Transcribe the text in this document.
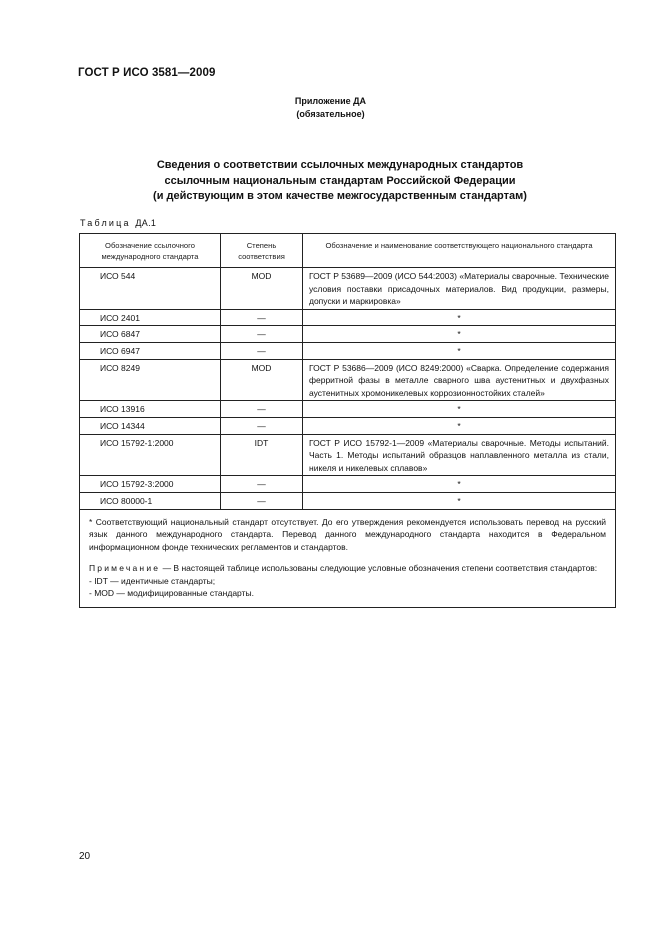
ГОСТ Р ИСО 3581—2009
Приложение ДА
(обязательное)
Сведения о соответствии ссылочных международных стандартов
ссылочным национальным стандартам Российской Федерации
(и действующим в этом качестве межгосударственным стандартам)
Таблица ДА.1
Обозначение ссылочного международного стандарта	Степень соответствия	Обозначение и наименование соответствующего национального стандарта
ИСО 544	MOD	ГОСТ Р 53689—2009 (ИСО 544:2003) «Материалы сварочные. Технические условия поставки присадочных материалов. Вид продукции, размеры, допуски и маркировка»
ИСО 2401	—	*
ИСО 6847	—	*
ИСО 6947	—	*
ИСО 8249	MOD	ГОСТ Р 53686—2009 (ИСО 8249:2000) «Сварка. Определение содержания ферритной фазы в металле сварного шва аустенитных и двухфазных аустенитных хромоникелевых коррозионностойких сталей»
ИСО 13916	—	*
ИСО 14344	—	*
ИСО 15792-1:2000	IDT	ГОСТ Р ИСО 15792-1—2009 «Материалы сварочные. Методы испытаний. Часть 1. Методы испытаний образцов наплавленного металла из стали, никеля и никелевых сплавов»
ИСО 15792-3:2000	—	*
ИСО 80000-1	—	*

* Соответствующий национальный стандарт отсутствует. До его утверждения рекомендуется использовать перевод на русский язык данного международного стандарта. Перевод данного международного стандарта находится в Федеральном информационном фонде технических регламентов и стандартов.

Примечание — В настоящей таблице использованы следующие условные обозначения степени соответствия стандартов:

- IDT — идентичные стандарты;

- MOD — модифицированные стандарты.		

20
